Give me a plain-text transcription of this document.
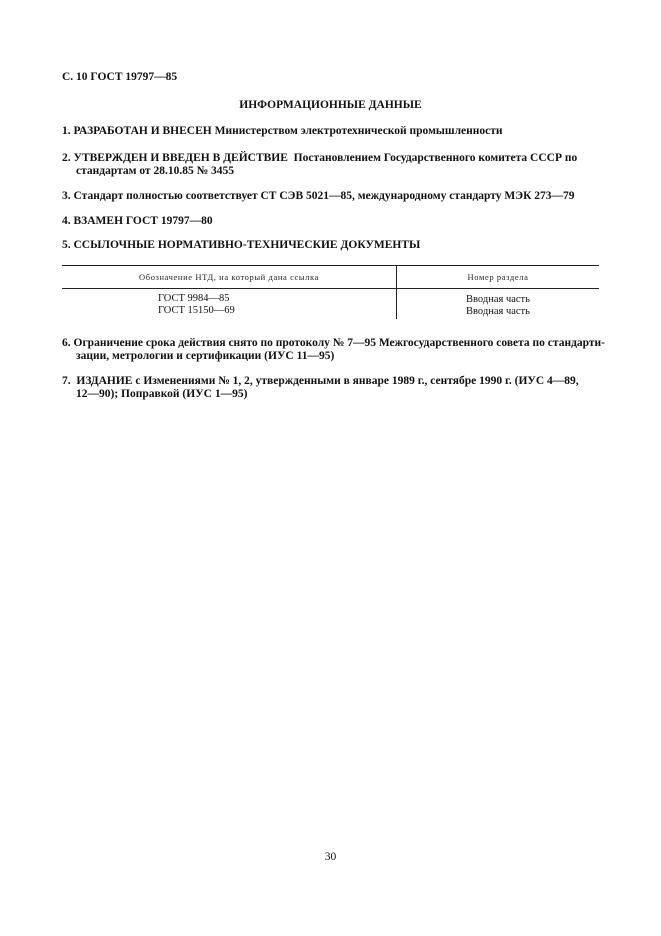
С. 10 ГОСТ 19797—85
ИНФОРМАЦИОННЫЕ ДАННЫЕ
1. РАЗРАБОТАН И ВНЕСЕН Министерством электротехнической промышленности
2. УТВЕРЖДЕН И ВВЕДЕН В ДЕЙСТВИЕ Постановлением Государственного комитета СССР по
стандартам от 28.10.85 № 3455
3. Стандарт полностью соответствует СТ СЭВ 5021—85, международному стандарту МЭК 273—79
4. ВЗАМЕН ГОСТ 19797—80
5. ССЫЛОЧНЫЕ НОРМАТИВНО-ТЕХНИЧЕСКИЕ ДОКУМЕНТЫ
Обозначение НТД, на который дана ссылка	Номер раздела
ГОСТ 9984—85	Вводная часть
ГОСТ 15150—69	Вводная часть
6. Ограничение срока действия снято по протоколу № 7—95 Межгосударственного совета по стандарти-
зации, метрологии и сертификации (ИУС 11—95)
7. ИЗДАНИЕ с Изменениями № 1, 2, утвержденными в январе 1989 г., сентябре 1990 г. (ИУС 4—89,
12—90); Поправкой (ИУС 1—95)
30
